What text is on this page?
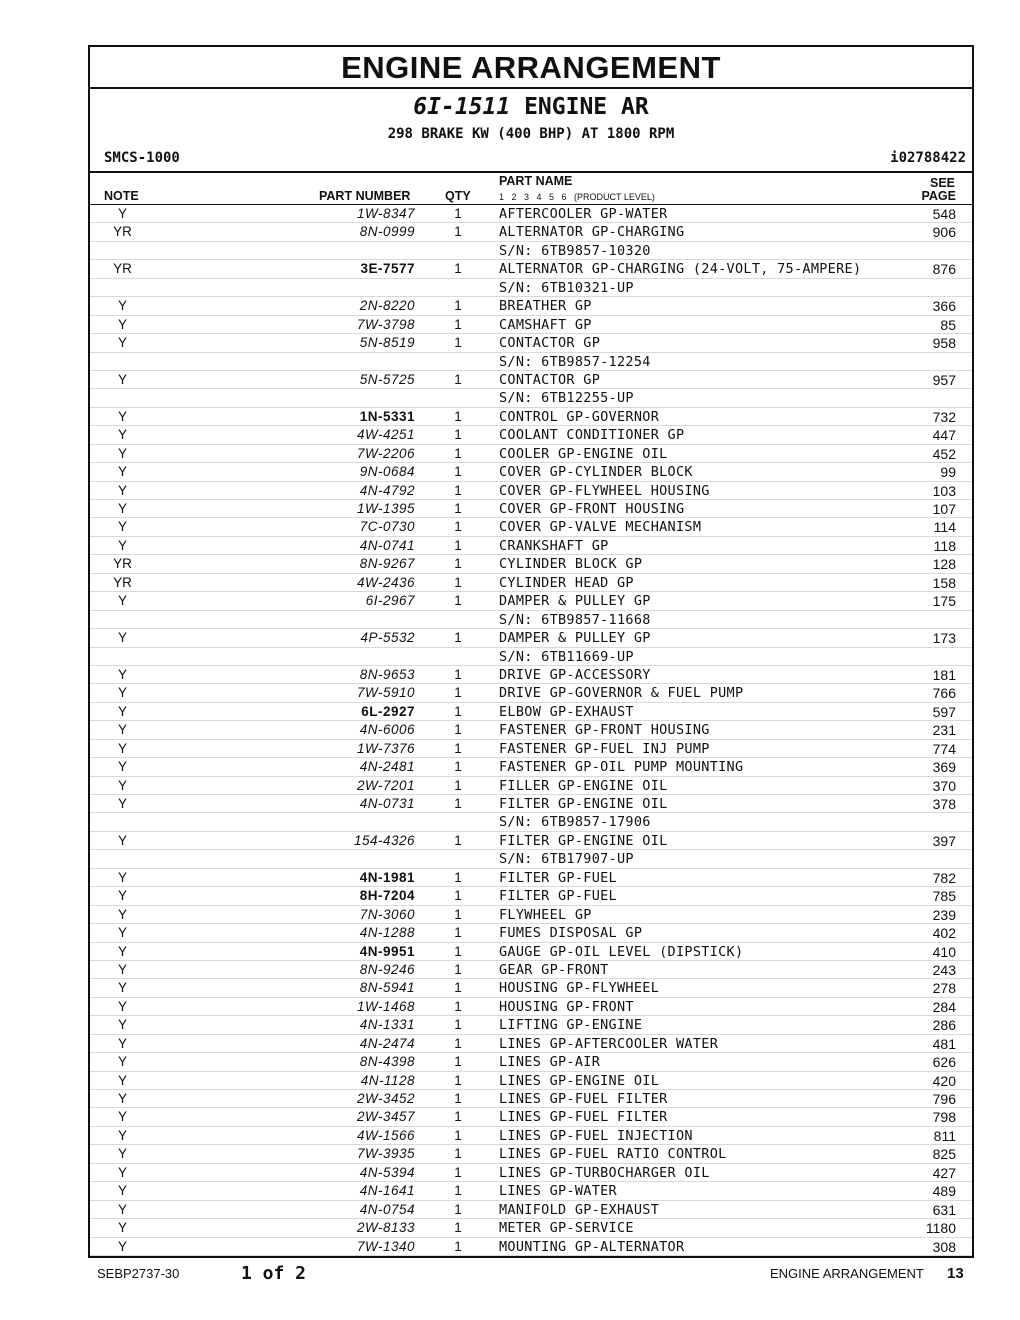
ENGINE ARRANGEMENT
6I-1511 ENGINE AR
298 BRAKE KW (400 BHP) AT 1800 RPM
SMCS-1000	i02788422
NOTE	PART NUMBER	QTY
PART NAME
1   2   3   4   5   6   (PRODUCT LEVEL)
SEE
PAGE
Y	1W-8347	1	AFTERCOOLER GP-WATER	548
YR	8N-0999	1	ALTERNATOR GP-CHARGING	906
S/N: 6TB9857-10320
YR	3E-7577	1	ALTERNATOR GP-CHARGING (24-VOLT, 75-AMPERE)	876
S/N: 6TB10321-UP
Y	2N-8220	1	BREATHER GP	366
Y	7W-3798	1	CAMSHAFT GP	85
Y	5N-8519	1	CONTACTOR GP	958
S/N: 6TB9857-12254
Y	5N-5725	1	CONTACTOR GP	957
S/N: 6TB12255-UP
Y	1N-5331	1	CONTROL GP-GOVERNOR	732
Y	4W-4251	1	COOLANT CONDITIONER GP	447
Y	7W-2206	1	COOLER GP-ENGINE OIL	452
Y	9N-0684	1	COVER GP-CYLINDER BLOCK	99
Y	4N-4792	1	COVER GP-FLYWHEEL HOUSING	103
Y	1W-1395	1	COVER GP-FRONT HOUSING	107
Y	7C-0730	1	COVER GP-VALVE MECHANISM	114
Y	4N-0741	1	CRANKSHAFT GP	118
YR	8N-9267	1	CYLINDER BLOCK GP	128
YR	4W-2436	1	CYLINDER HEAD GP	158
Y	6I-2967	1	DAMPER & PULLEY GP	175
S/N: 6TB9857-11668
Y	4P-5532	1	DAMPER & PULLEY GP	173
S/N: 6TB11669-UP
Y	8N-9653	1	DRIVE GP-ACCESSORY	181
Y	7W-5910	1	DRIVE GP-GOVERNOR & FUEL PUMP	766
Y	6L-2927	1	ELBOW GP-EXHAUST	597
Y	4N-6006	1	FASTENER GP-FRONT HOUSING	231
Y	1W-7376	1	FASTENER GP-FUEL INJ PUMP	774
Y	4N-2481	1	FASTENER GP-OIL PUMP MOUNTING	369
Y	2W-7201	1	FILLER GP-ENGINE OIL	370
Y	4N-0731	1	FILTER GP-ENGINE OIL	378
S/N: 6TB9857-17906
Y	154-4326	1	FILTER GP-ENGINE OIL	397
S/N: 6TB17907-UP
Y	4N-1981	1	FILTER GP-FUEL	782
Y	8H-7204	1	FILTER GP-FUEL	785
Y	7N-3060	1	FLYWHEEL GP	239
Y	4N-1288	1	FUMES DISPOSAL GP	402
Y	4N-9951	1	GAUGE GP-OIL LEVEL (DIPSTICK)	410
Y	8N-9246	1	GEAR GP-FRONT	243
Y	8N-5941	1	HOUSING GP-FLYWHEEL	278
Y	1W-1468	1	HOUSING GP-FRONT	284
Y	4N-1331	1	LIFTING GP-ENGINE	286
Y	4N-2474	1	LINES GP-AFTERCOOLER WATER	481
Y	8N-4398	1	LINES GP-AIR	626
Y	4N-1128	1	LINES GP-ENGINE OIL	420
Y	2W-3452	1	LINES GP-FUEL FILTER	796
Y	2W-3457	1	LINES GP-FUEL FILTER	798
Y	4W-1566	1	LINES GP-FUEL INJECTION	811
Y	7W-3935	1	LINES GP-FUEL RATIO CONTROL	825
Y	4N-5394	1	LINES GP-TURBOCHARGER OIL	427
Y	4N-1641	1	LINES GP-WATER	489
Y	4N-0754	1	MANIFOLD GP-EXHAUST	631
Y	2W-8133	1	METER GP-SERVICE	1180
Y	7W-1340	1	MOUNTING GP-ALTERNATOR	308
SEBP2737-30	1 of 2	ENGINE ARRANGEMENT 13
